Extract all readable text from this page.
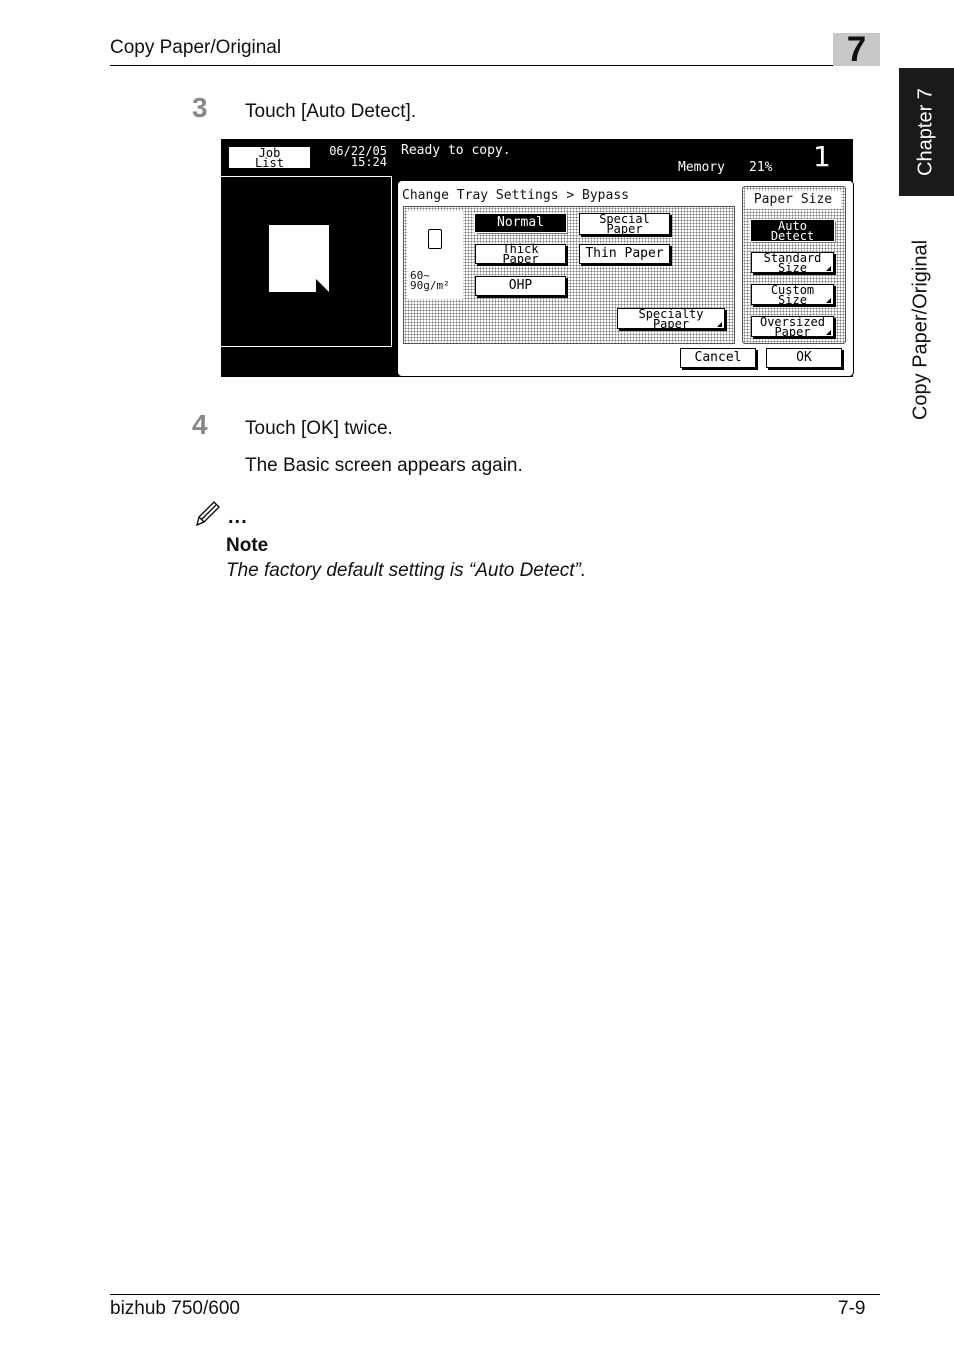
Copy Paper/Original	7
Chapter 7
Copy Paper/Original
3 Touch [Auto Detect].
Job
List
06/22/05
15:24
Ready to copy.
Memory 21% 1
Change Tray Settings > Bypass
60~
90g/m²
Normal	Special
Paper
Thick
Paper	Thin Paper
OHP
Specialty
Paper
Paper Size
Auto
Detect
Standard
Size
Custom
Size
Oversized
Paper
Cancel	OK
4 Touch [OK] twice.
The Basic screen appears again.
...
Note
The factory default setting is “Auto Detect”.
bizhub 750/600	7-9
